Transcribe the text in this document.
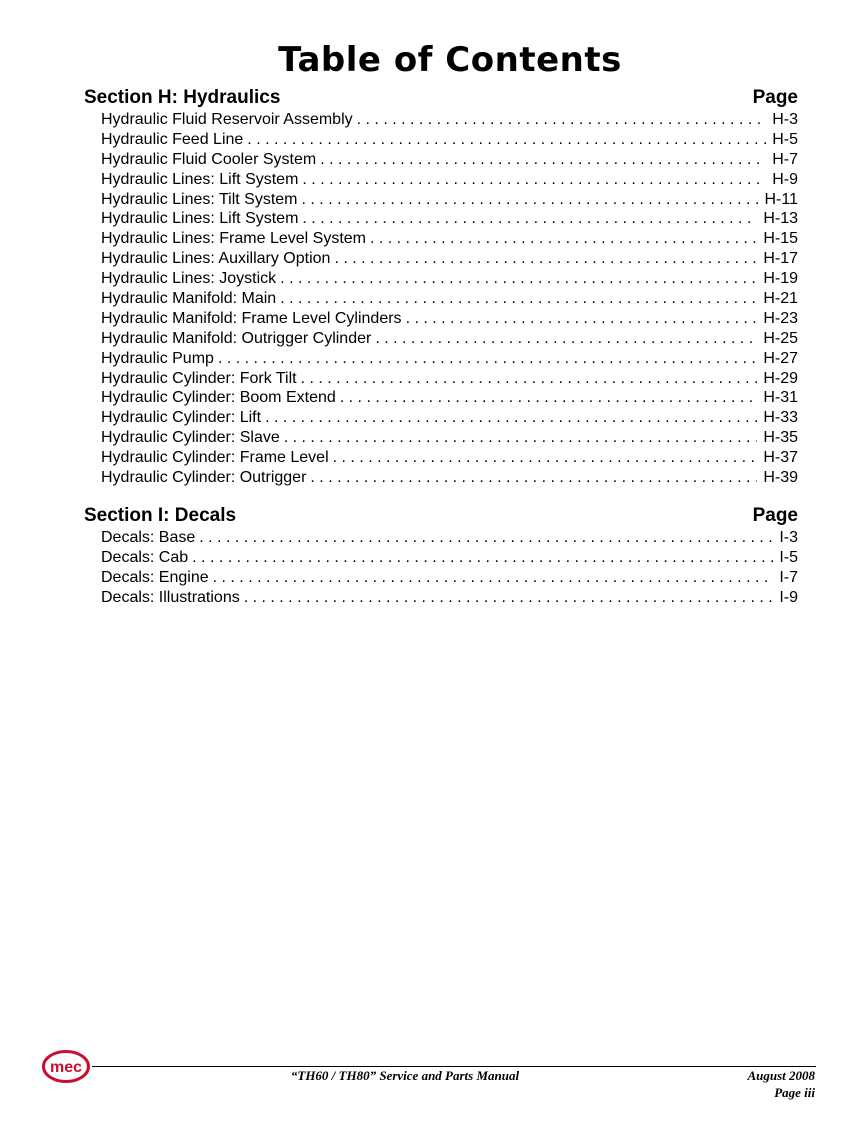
Table of Contents
Section H: Hydraulics	Page
Hydraulic Fluid Reservoir Assembly . . .	H-3
Hydraulic Feed Line . . .	H-5
Hydraulic Fluid Cooler System . . .	H-7
Hydraulic Lines: Lift System . . .	H-9
Hydraulic Lines: Tilt System . . .	H-11
Hydraulic Lines: Lift System . . .	H-13
Hydraulic Lines: Frame Level System . . .	H-15
Hydraulic Lines: Auxillary Option . . .	H-17
Hydraulic Lines: Joystick . . .	H-19
Hydraulic Manifold: Main . . .	H-21
Hydraulic Manifold: Frame Level Cylinders . . .	H-23
Hydraulic Manifold: Outrigger Cylinder . . .	H-25
Hydraulic Pump . . .	H-27
Hydraulic Cylinder: Fork Tilt . . .	H-29
Hydraulic Cylinder: Boom Extend . . .	H-31
Hydraulic Cylinder: Lift . . .	H-33
Hydraulic Cylinder: Slave . . .	H-35
Hydraulic Cylinder: Frame Level . . .	H-37
Hydraulic Cylinder: Outrigger . . .	H-39
Section I: Decals	Page
Decals: Base . . .	I-3
Decals: Cab . . .	I-5
Decals: Engine . . .	I-7
Decals: Illustrations . . .	I-9
mec	“TH60 / TH80” Service and Parts Manual	August 2008
Page iii
